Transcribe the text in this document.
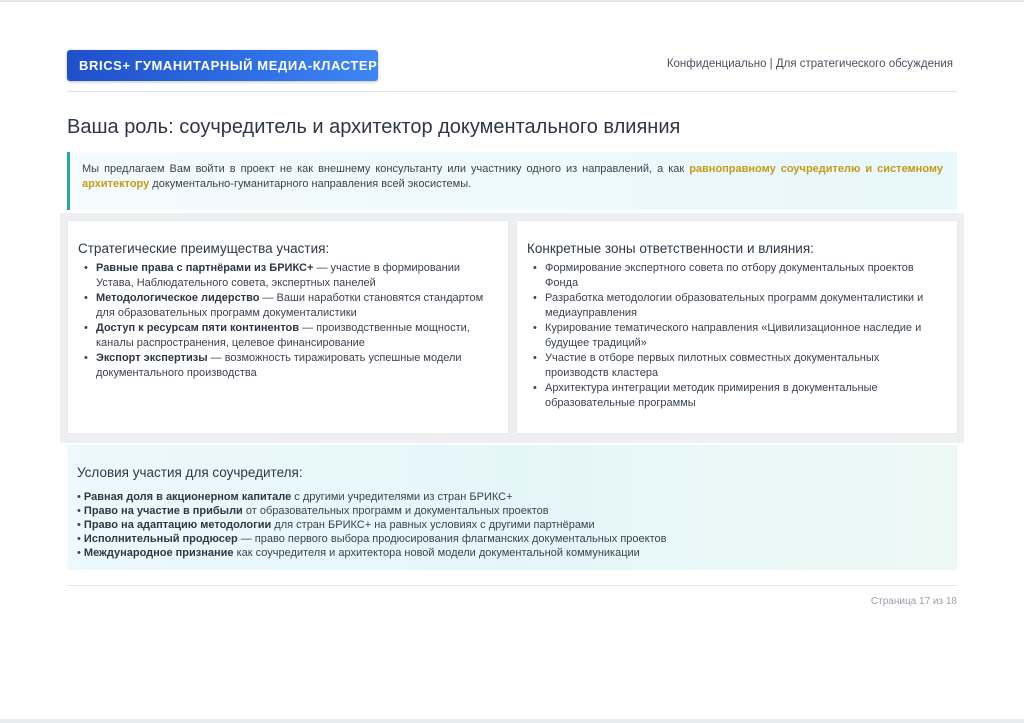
BRICS+ ГУМАНИТАРНЫЙ МЕДИА-КЛАСТЕР	Конфиденциально | Для стратегического обсуждения
Ваша роль: соучредитель и архитектор документального влияния
Мы предлагаем Вам войти в проект не как внешнему консультанту или участнику одного из направлений, а как равноправному соучредителю и системному архитектору документально-гуманитарного направления всей экосистемы.
Стратегические преимущества участия:
• Равные права с партнёрами из БРИКС+ — участие в формировании Устава, Наблюдательного совета, экспертных панелей
• Методологическое лидерство — Ваши наработки становятся стандартом для образовательных программ документалистики
• Доступ к ресурсам пяти континентов — производственные мощности, каналы распространения, целевое финансирование
• Экспорт экспертизы — возможность тиражировать успешные модели документального производства
Конкретные зоны ответственности и влияния:
• Формирование экспертного совета по отбору документальных проектов Фонда
• Разработка методологии образовательных программ документалистики и медиауправления
• Курирование тематического направления «Цивилизационное наследие и будущее традиций»
• Участие в отборе первых пилотных совместных документальных производств кластера
• Архитектура интеграции методик примирения в документальные образовательные программы
Условия участия для соучредителя:
• Равная доля в акционерном капитале с другими учредителями из стран БРИКС+
• Право на участие в прибыли от образовательных программ и документальных проектов
• Право на адаптацию методологии для стран БРИКС+ на равных условиях с другими партнёрами
• Исполнительный продюсер — право первого выбора продюсирования флагманских документальных проектов
• Международное признание как соучредителя и архитектора новой модели документальной коммуникации
Страница 17 из 18
